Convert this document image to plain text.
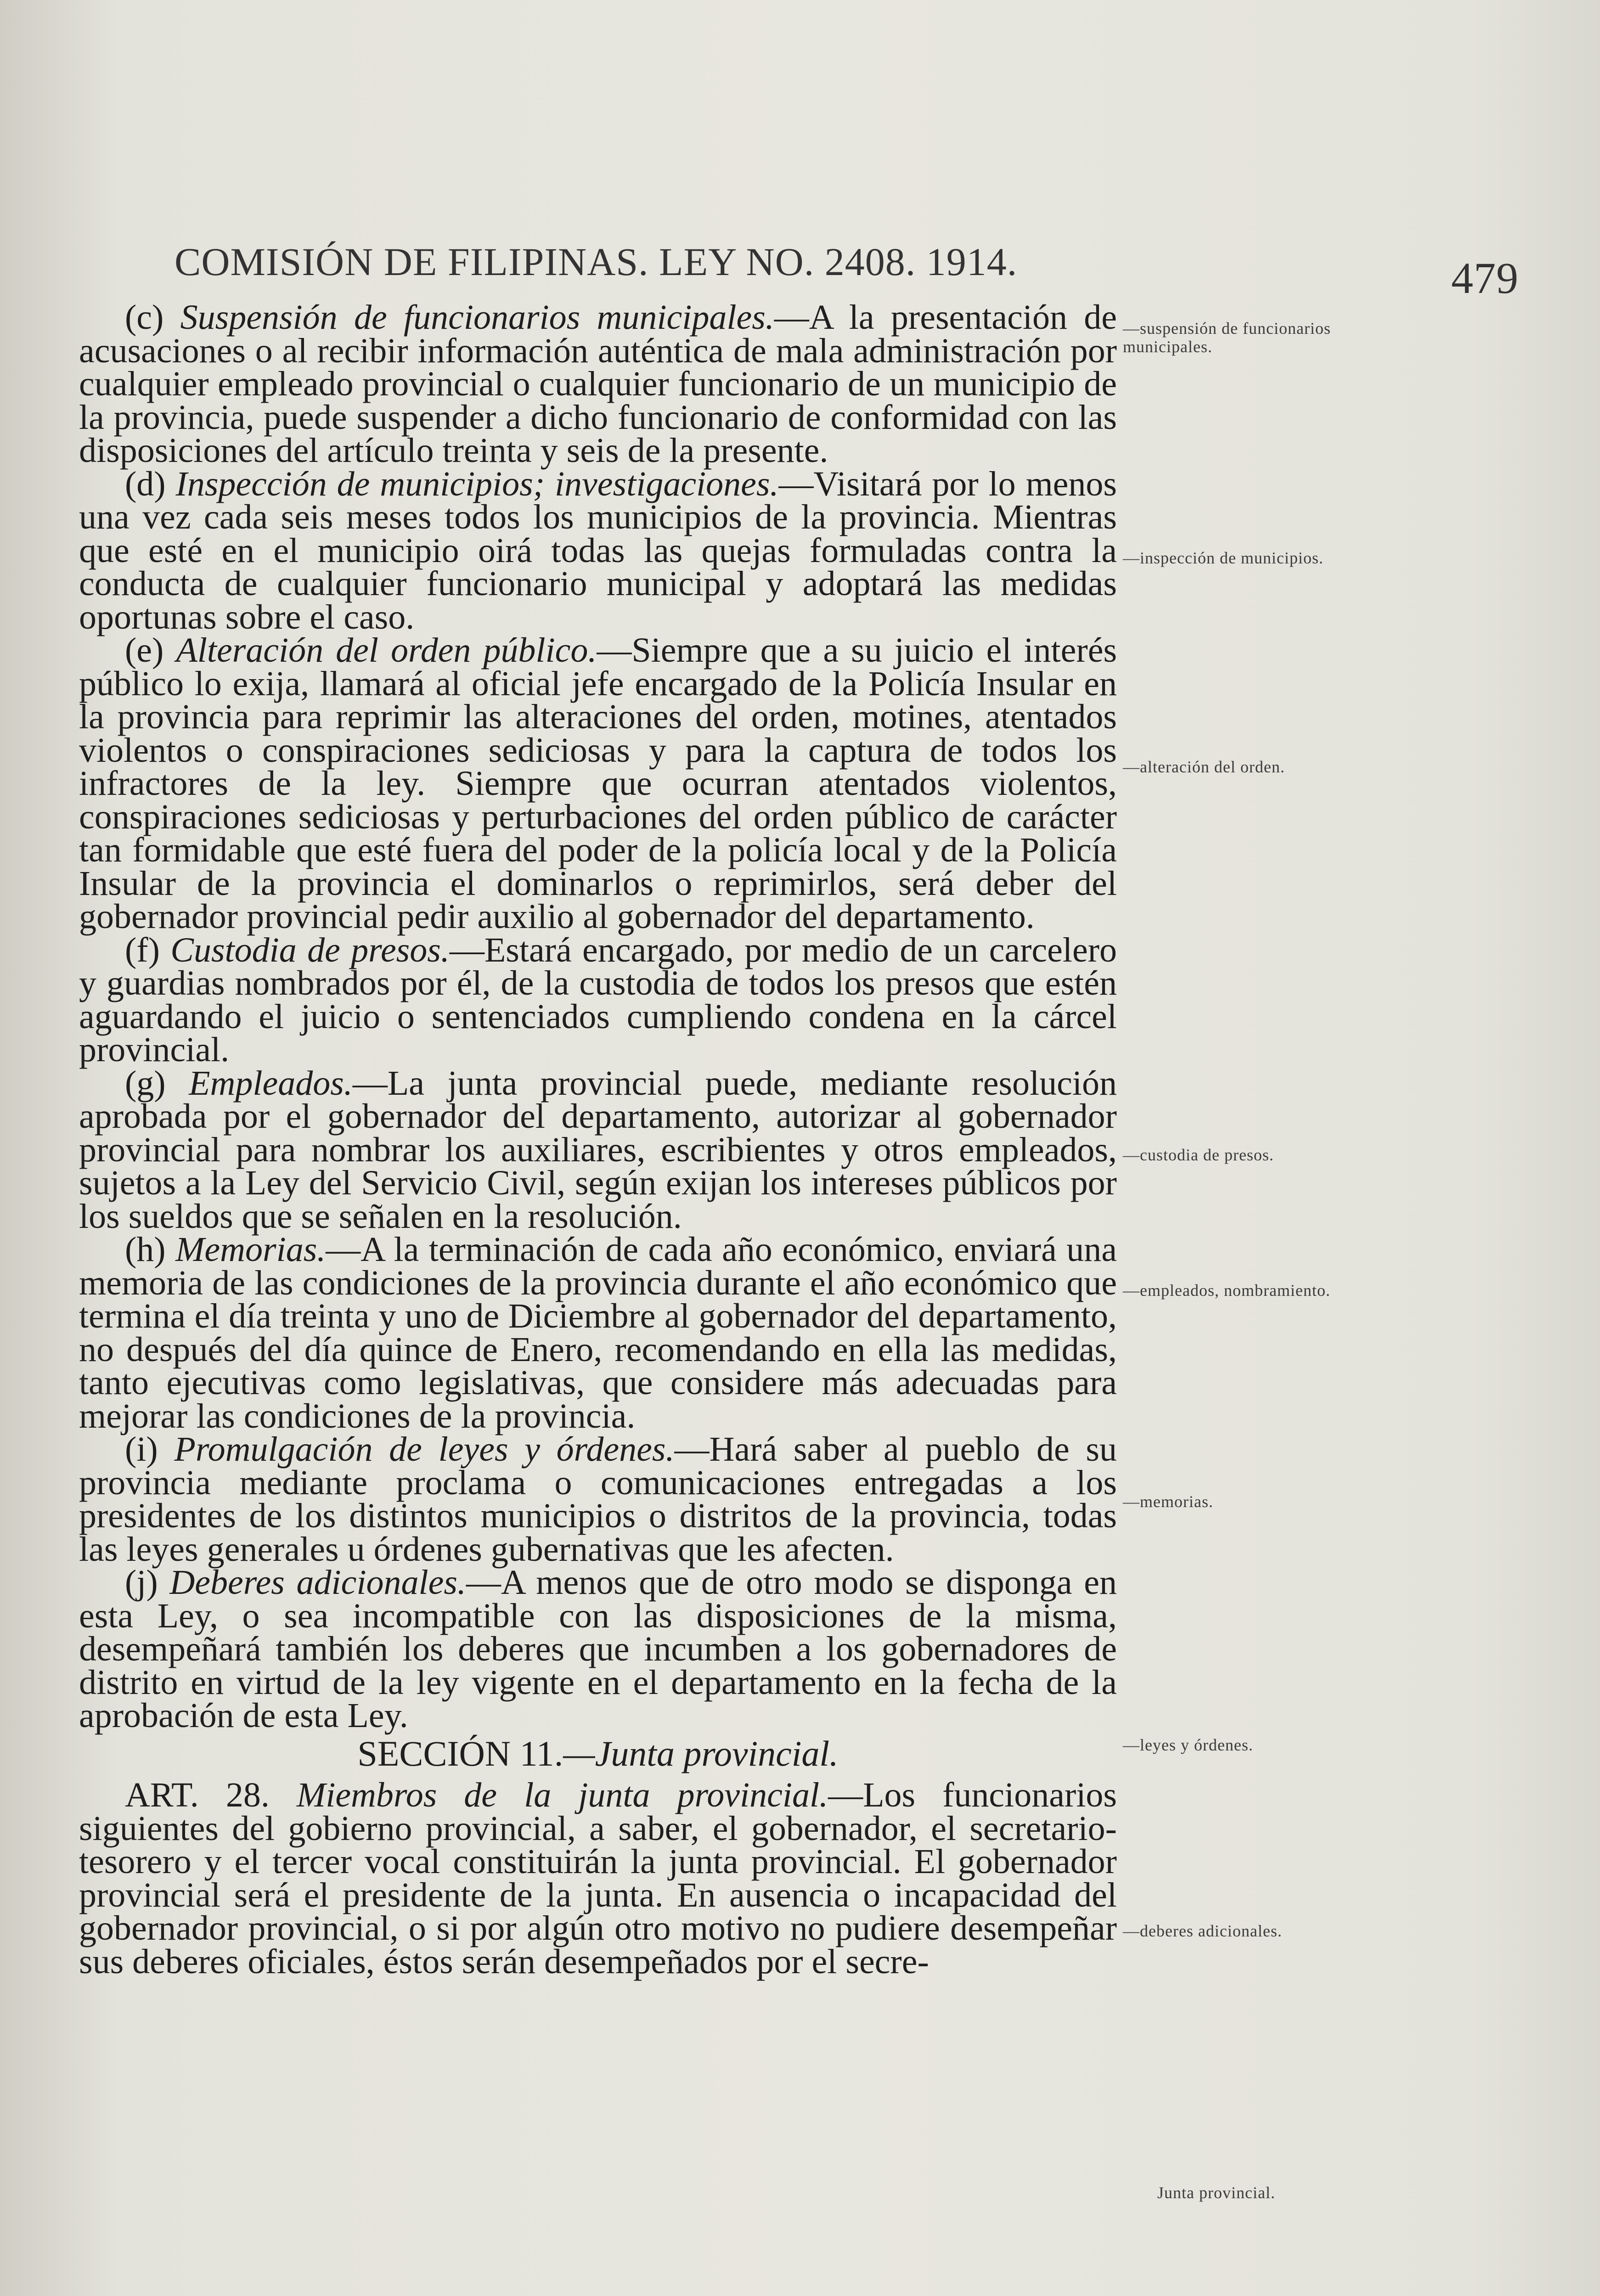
COMISIÓN DE FILIPINAS. LEY NO. 2408. 1914.	479

(c) Suspensión de funcionarios municipales.—A la presentación de acusaciones o al recibir información auténtica de mala administración por cualquier empleado provincial o cualquier funcionario de un municipio de la provincia, puede suspender a dicho funcionario de conformidad con las disposiciones del artículo treinta y seis de la presente.

(d) Inspección de municipios; investigaciones.—Visitará por lo menos una vez cada seis meses todos los municipios de la provincia. Mientras que esté en el municipio oirá todas las quejas formuladas contra la conducta de cualquier funcionario municipal y adoptará las medidas oportunas sobre el caso.

(e) Alteración del orden público.—Siempre que a su juicio el interés público lo exija, llamará al oficial jefe encargado de la Policía Insular en la provincia para reprimir las alteraciones del orden, motines, atentados violentos o conspiraciones sediciosas y para la captura de todos los infractores de la ley. Siempre que ocurran atentados violentos, conspiraciones sediciosas y perturbaciones del orden público de carácter tan formidable que esté fuera del poder de la policía local y de la Policía Insular de la provincia el dominarlos o reprimirlos, será deber del gobernador provincial pedir auxilio al gobernador del departamento.

(f) Custodia de presos.—Estará encargado, por medio de un carcelero y guardias nombrados por él, de la custodia de todos los presos que estén aguardando el juicio o sentenciados cumpliendo condena en la cárcel provincial.

(g) Empleados.—La junta provincial puede, mediante resolución aprobada por el gobernador del departamento, autorizar al gobernador provincial para nombrar los auxiliares, escribientes y otros empleados, sujetos a la Ley del Servicio Civil, según exijan los intereses públicos por los sueldos que se señalen en la resolución.

(h) Memorias.—A la terminación de cada año económico, enviará una memoria de las condiciones de la provincia durante el año económico que termina el día treinta y uno de Diciembre al gobernador del departamento, no después del día quince de Enero, recomendando en ella las medidas, tanto ejecutivas como legislativas, que considere más adecuadas para mejorar las condiciones de la provincia.

(i) Promulgación de leyes y órdenes.—Hará saber al pueblo de su provincia mediante proclama o comunicaciones entregadas a los presidentes de los distintos municipios o distritos de la provincia, todas las leyes generales u órdenes gubernativas que les afecten.

(j) Deberes adicionales.—A menos que de otro modo se disponga en esta Ley, o sea incompatible con las disposiciones de la misma, desempeñará también los deberes que incumben a los gobernadores de distrito en virtud de la ley vigente en el departamento en la fecha de la aprobación de esta Ley.

SECCIÓN 11.—Junta provincial.

ART. 28. Miembros de la junta provincial.—Los funcionarios siguientes del gobierno provincial, a saber, el gobernador, el secretario-tesorero y el tercer vocal constituirán la junta provincial. El gobernador provincial será el presidente de la junta. En ausencia o incapacidad del gobernador provincial, o si por algún otro motivo no pudiere desempeñar sus deberes oficiales, éstos serán desempeñados por el secre-

—suspensión de funcionarios municipales.
—inspección de municipios.
—alteración del orden.
—custodia de presos.
—empleados, nombramiento.
—memorias.
—leyes y órdenes.
—deberes adicionales.
Junta provincial.
